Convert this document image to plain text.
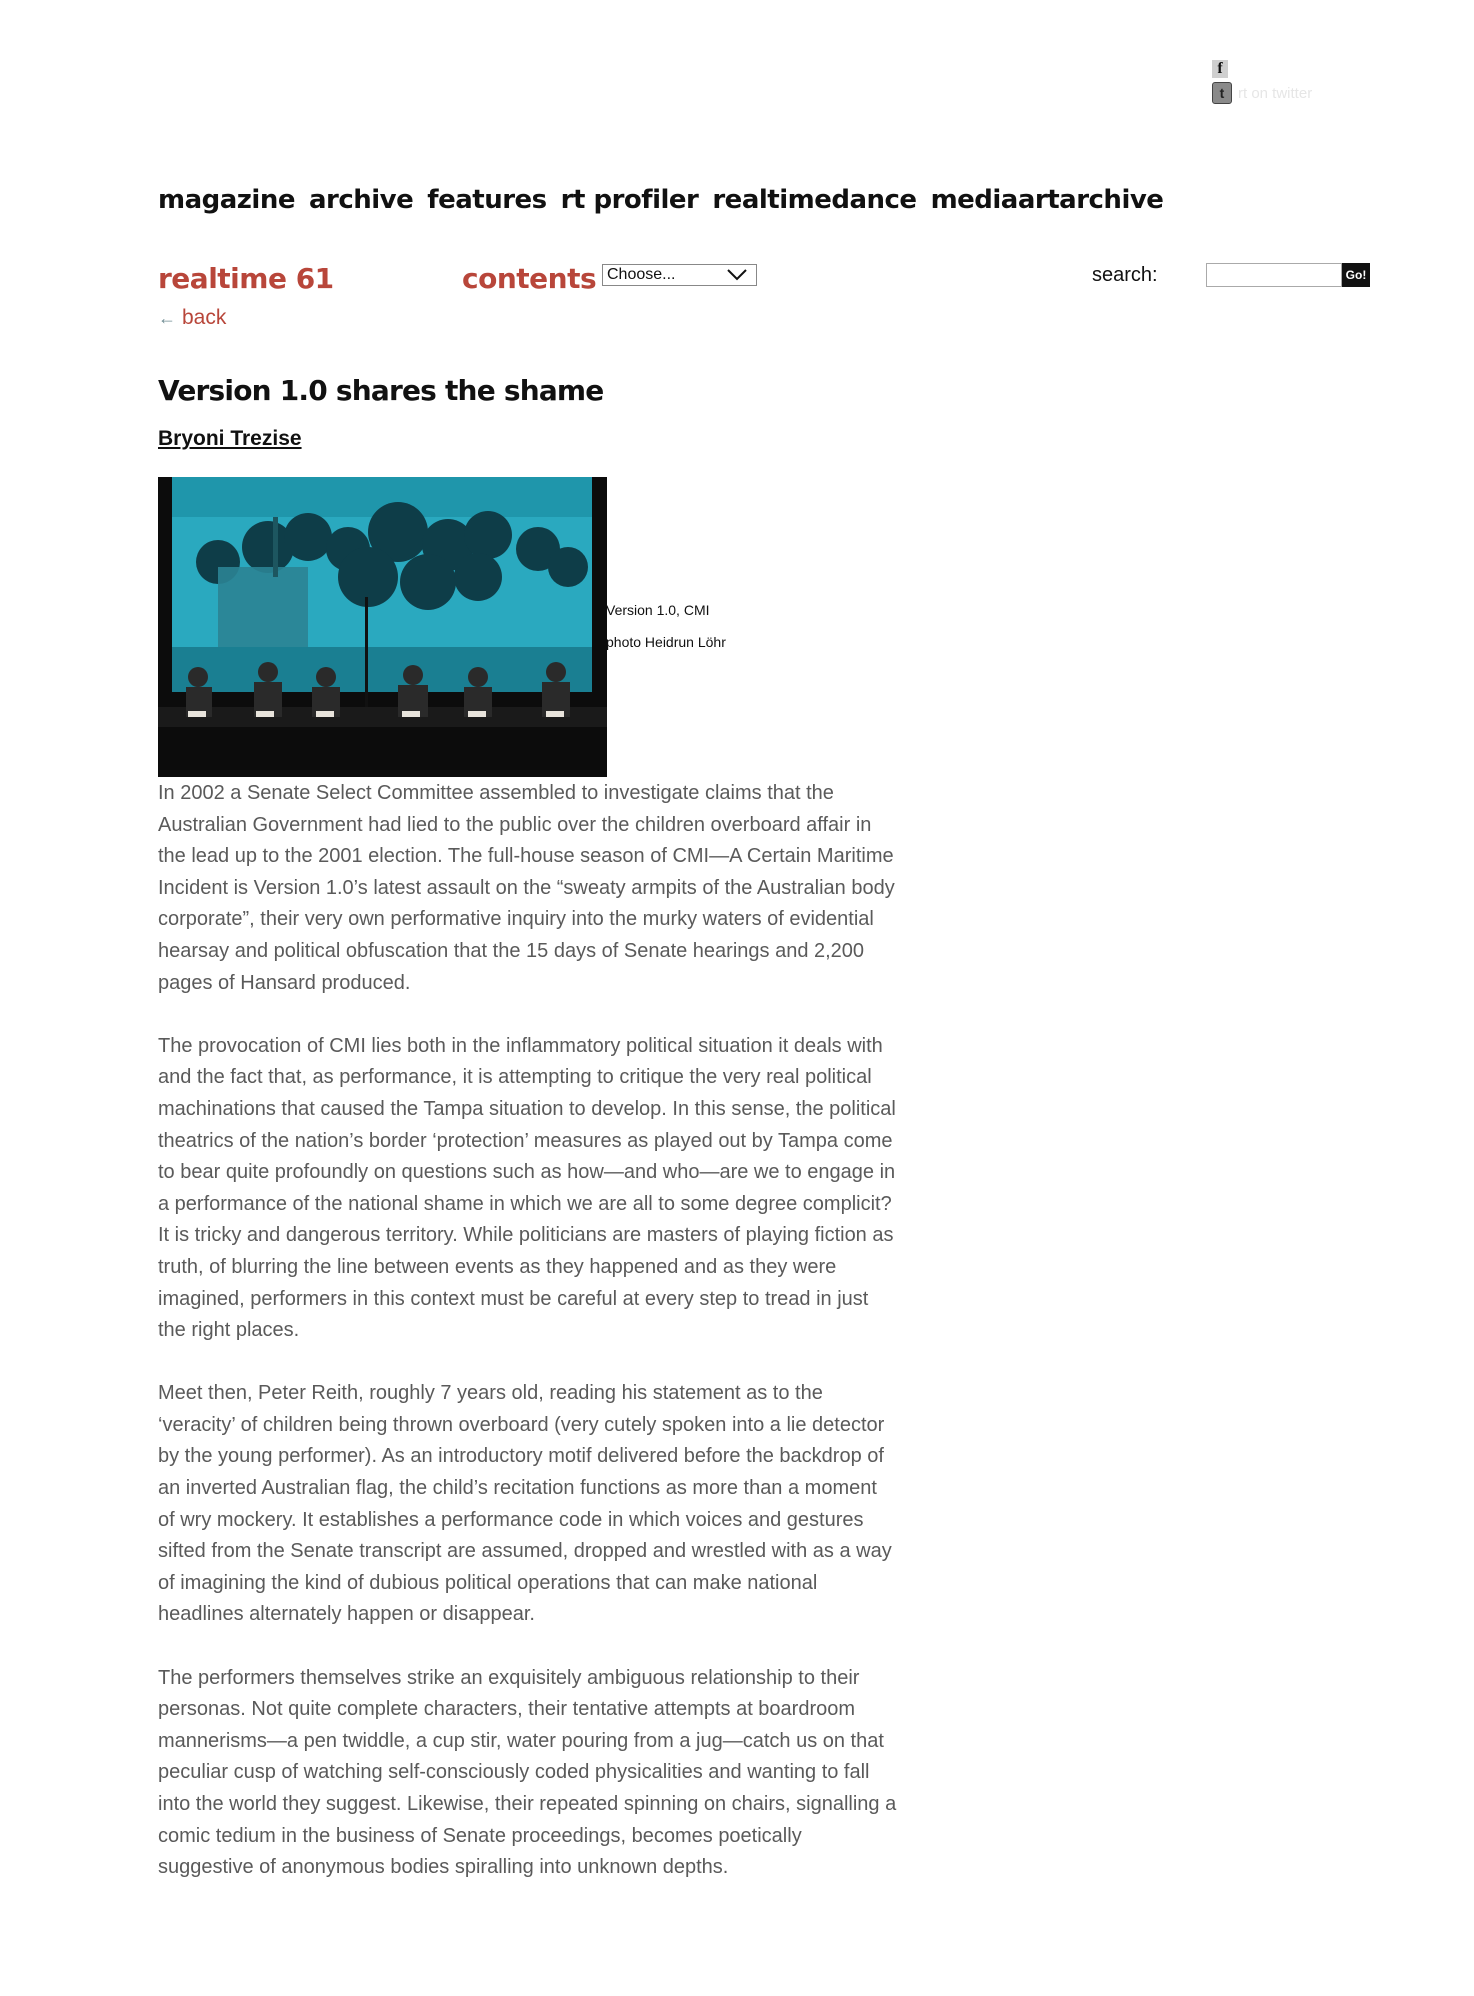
f
t rt on twitter
magazine archive features rt profiler realtimedance mediaartarchive
realtime 61	contents Choose...	search:	Go!
← back
Version 1.0 shares the shame
Bryoni Trezise
Version 1.0, CMI
photo Heidrun Löhr

In 2002 a Senate Select Committee assembled to investigate claims that the Australian Government had lied to the public over the children overboard affair in the lead up to the 2001 election. The full-house season of CMI—A Certain Maritime Incident is Version 1.0’s latest assault on the “sweaty armpits of the Australian body corporate”, their very own performative inquiry into the murky waters of evidential hearsay and political obfuscation that the 15 days of Senate hearings and 2,200 pages of Hansard produced.

The provocation of CMI lies both in the inflammatory political situation it deals with and the fact that, as performance, it is attempting to critique the very real political machinations that caused the Tampa situation to develop. In this sense, the political theatrics of the nation’s border ‘protection’ measures as played out by Tampa come to bear quite profoundly on questions such as how—and who—are we to engage in a performance of the national shame in which we are all to some degree complicit? It is tricky and dangerous territory. While politicians are masters of playing fiction as truth, of blurring the line between events as they happened and as they were imagined, performers in this context must be careful at every step to tread in just the right places.

Meet then, Peter Reith, roughly 7 years old, reading his statement as to the ‘veracity’ of children being thrown overboard (very cutely spoken into a lie detector by the young performer). As an introductory motif delivered before the backdrop of an inverted Australian flag, the child’s recitation functions as more than a moment of wry mockery. It establishes a performance code in which voices and gestures sifted from the Senate transcript are assumed, dropped and wrestled with as a way of imagining the kind of dubious political operations that can make national headlines alternately happen or disappear.

The performers themselves strike an exquisitely ambiguous relationship to their personas. Not quite complete characters, their tentative attempts at boardroom mannerisms—a pen twiddle, a cup stir, water pouring from a jug—catch us on that peculiar cusp of watching self-consciously coded physicalities and wanting to fall into the world they suggest. Likewise, their repeated spinning on chairs, signalling a comic tedium in the business of Senate proceedings, becomes poetically suggestive of anonymous bodies spiralling into unknown depths.
